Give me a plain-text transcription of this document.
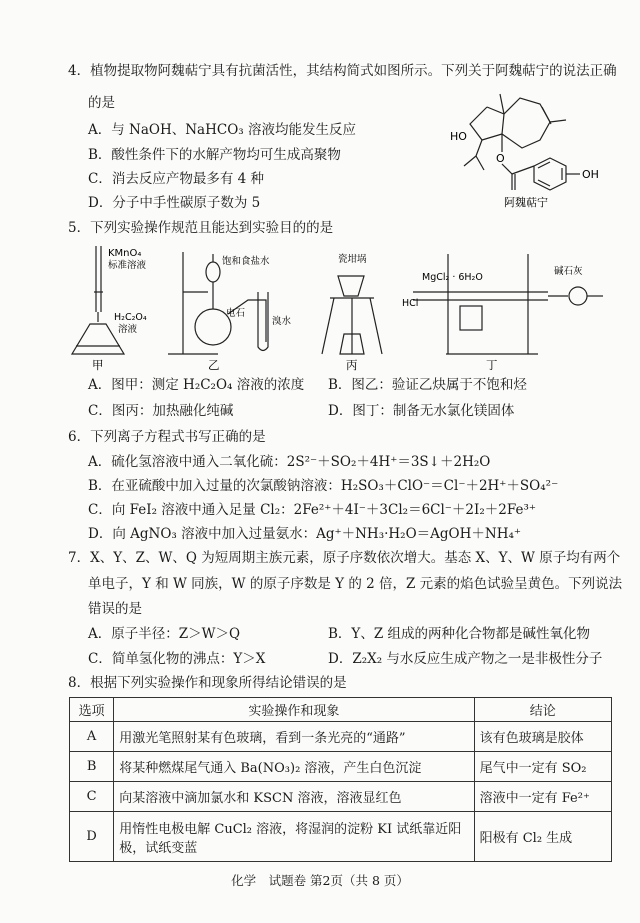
4．植物提取物阿魏萜宁具有抗菌活性，其结构简式如图所示。下列关于阿魏萜宁的说法正确
的是
A．与 NaOH、NaHCO₃ 溶液均能发生反应
B．酸性条件下的水解产物均可生成高聚物
C．消去反应产物最多有 4 种
D．分子中手性碳原子数为 5
HO
O
OH
阿魏萜宁
5．下列实验操作规范且能达到实验目的的是
KMnO₄
标准溶液
H₂C₂O₄
溶液
饱和食盐水
电石
溴水
瓷坩埚
MgCl₂ · 6H₂O
HCl
碱石灰
甲	乙	丙	丁
A．图甲：测定 H₂C₂O₄ 溶液的浓度 B．图乙：验证乙炔属于不饱和烃
C．图丙：加热融化纯碱	D．图丁：制备无水氯化镁固体
6．下列离子方程式书写正确的是
A．硫化氢溶液中通入二氧化硫：2S²⁻＋SO₂＋4H⁺＝3S↓＋2H₂O
B．在亚硫酸中加入过量的次氯酸钠溶液：H₂SO₃＋ClO⁻＝Cl⁻＋2H⁺＋SO₄²⁻
C．向 FeI₂ 溶液中通入足量 Cl₂：2Fe²⁺＋4I⁻＋3Cl₂＝6Cl⁻＋2I₂＋2Fe³⁺
D．向 AgNO₃ 溶液中加入过量氨水：Ag⁺＋NH₃·H₂O＝AgOH＋NH₄⁺
7．X、Y、Z、W、Q 为短周期主族元素，原子序数依次增大。基态 X、Y、W 原子均有两个
单电子，Y 和 W 同族，W 的原子序数是 Y 的 2 倍，Z 元素的焰色试验呈黄色。下列说法
错误的是
A．原子半径：Z＞W＞Q	B．Y、Z 组成的两种化合物都是碱性氧化物
C．简单氢化物的沸点：Y＞X	D．Z₂X₂ 与水反应生成产物之一是非极性分子
8．根据下列实验操作和现象所得结论错误的是
选项	实验操作和现象	结论
A	用激光笔照射某有色玻璃，看到一条光亮的“通路”	该有色玻璃是胶体
B	将某种燃煤尾气通入 Ba(NO₃)₂ 溶液，产生白色沉淀	尾气中一定有 SO₂
C	向某溶液中滴加氯水和 KSCN 溶液，溶液显红色	溶液中一定有 Fe²⁺
D	用惰性电极电解 CuCl₂ 溶液，将湿润的淀粉 KI 试纸靠近阳
极，试纸变蓝	阳极有 Cl₂ 生成
化学　试题卷 第2页（共 8 页）
